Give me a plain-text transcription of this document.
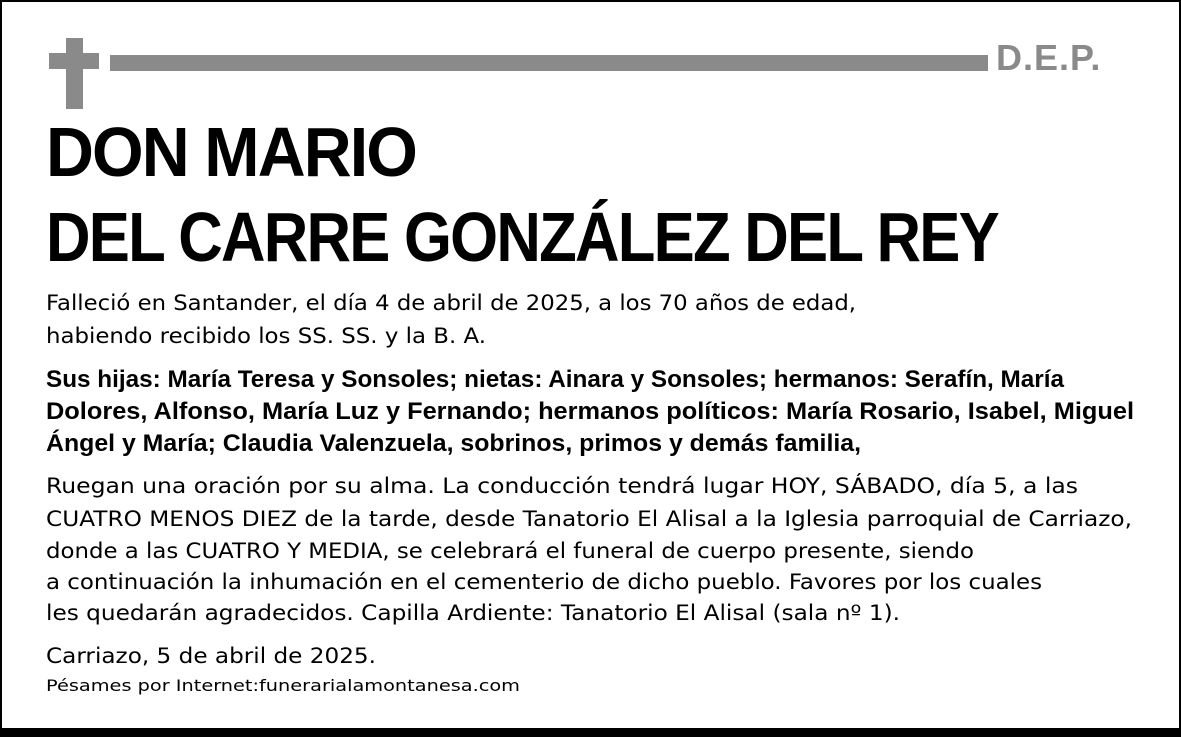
D.E.P.
DON MARIO
DEL CARRE GONZÁLEZ DEL REY
Falleció en Santander, el día 4 de abril de 2025, a los 70 años de edad,
habiendo recibido los SS. SS. y la B. A.
Sus hijas: María Teresa y Sonsoles; nietas: Ainara y Sonsoles; hermanos: Serafín, María
Dolores, Alfonso, María Luz y Fernando; hermanos políticos: María Rosario, Isabel, Miguel
Ángel y María; Claudia Valenzuela, sobrinos, primos y demás familia,
Ruegan una oración por su alma. La conducción tendrá lugar HOY, SÁBADO, día 5, a las
CUATRO MENOS DIEZ de la tarde, desde Tanatorio El Alisal a la Iglesia parroquial de Carriazo,
donde a las CUATRO Y MEDIA, se celebrará el funeral de cuerpo presente, siendo
a continuación la inhumación en el cementerio de dicho pueblo. Favores por los cuales
les quedarán agradecidos. Capilla Ardiente: Tanatorio El Alisal (sala nº 1).
Carriazo, 5 de abril de 2025.
Pésames por Internet:funerarialamontanesa.com
